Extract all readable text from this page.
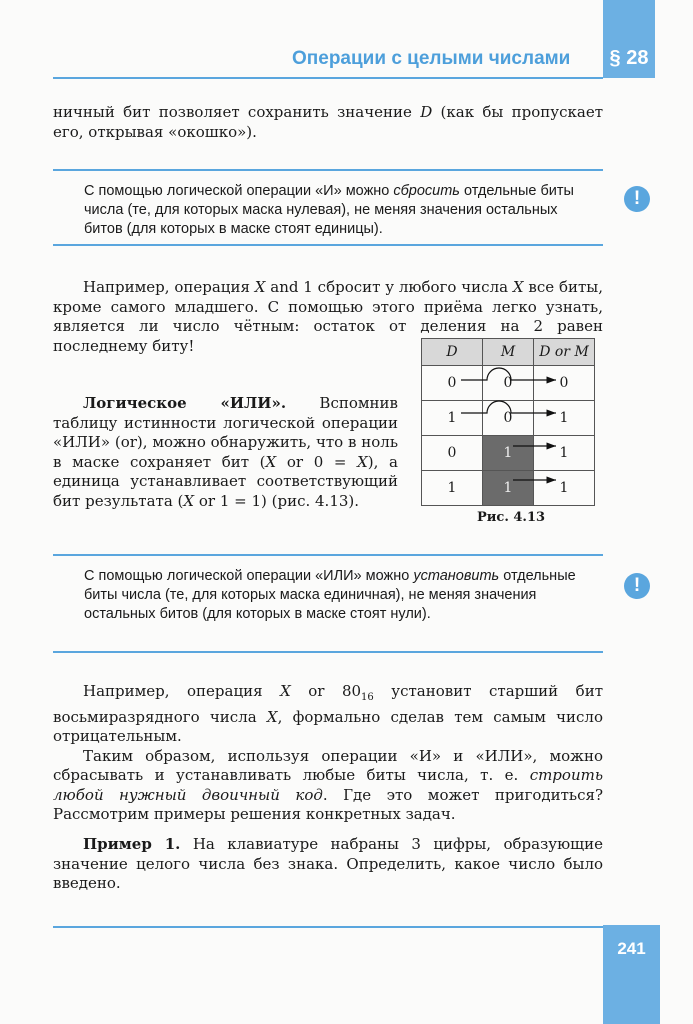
Операции с целыми числами	§ 28

ничный бит позволяет сохранить значение D (как бы пропускает его, открывая «окошко»).

С помощью логической операции «И» можно сбросить отдельные биты числа (те, для которых маска нулевая), не меняя значения остальных битов (для которых в маске стоят единицы).
!

Например, операция X and 1 сбросит у любого числа X все биты, кроме самого младшего. С помощью этого приёма легко узнать, является ли число чётным: остаток от деления на 2 равен последнему биту!

Логическое «ИЛИ». Вспомнив таблицу истинности логической операции «ИЛИ» (or), можно обнаружить, что в ноль в маске сохраняет бит (X or 0 = X), а единица устанавливает соответствующий бит результата (X or 1 = 1) (рис. 4.13).

D	M	D or M
0	0	0
1	0	1
0	1	1
1	1	1
Рис. 4.13
С помощью логической операции «ИЛИ» можно установить отдельные биты числа (те, для которых маска единичная), не меняя значения остальных битов (для которых в маске стоят нули).
!

Например, операция X or $80_{16}$ установит старший бит восьмиразрядного числа X, формально сделав тем самым число отрицательным.

Таким образом, используя операции «И» и «ИЛИ», можно сбрасывать и устанавливать любые биты числа, т. е. строить любой нужный двоичный код. Где это может пригодиться? Рассмотрим примеры решения конкретных задач.

Пример 1. На клавиатуре набраны 3 цифры, образующие значение целого числа без знака. Определить, какое число было введено.

241
